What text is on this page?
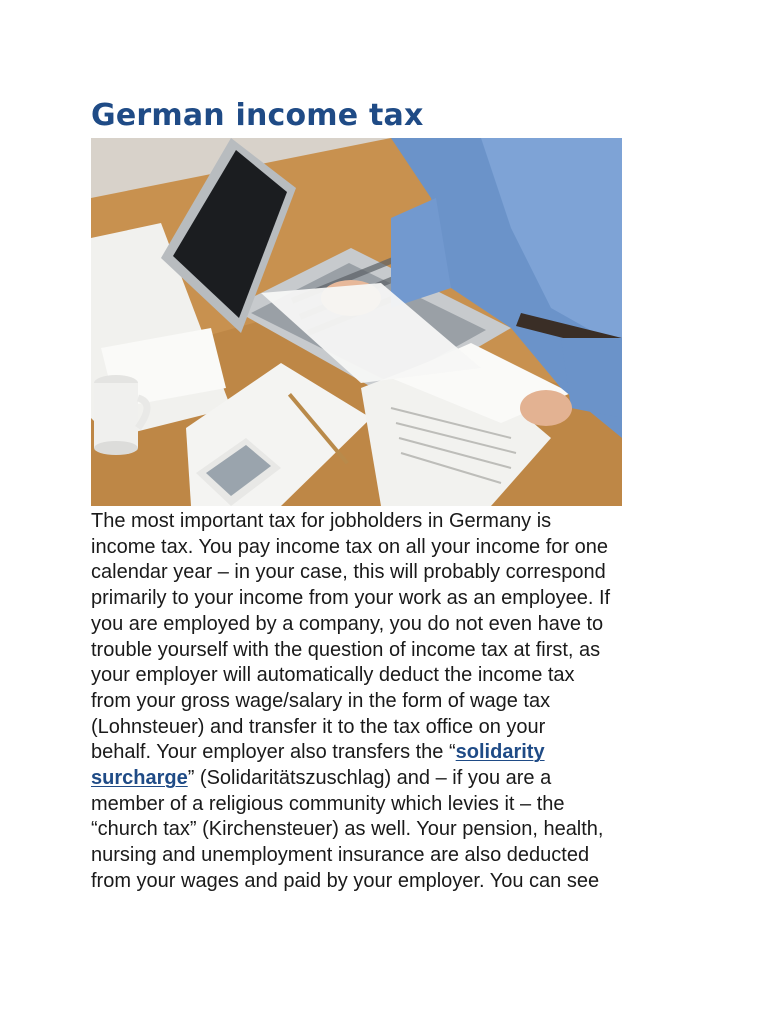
German income tax

The most important tax for jobholders in Germany is
income tax. You pay income tax on all your income for one
calendar year – in your case, this will probably correspond
primarily to your income from your work as an employee. If
you are employed by a company, you do not even have to
trouble yourself with the question of income tax at first, as
your employer will automatically deduct the income tax
from your gross wage/salary in the form of wage tax
(Lohnsteuer) and transfer it to the tax office on your
behalf. Your employer also transfers the “solidarity
surcharge” (Solidaritätszuschlag) and – if you are a
member of a religious community which levies it – the
“church tax” (Kirchensteuer) as well. Your pension, health,
nursing and unemployment insurance are also deducted
from your wages and paid by your employer. You can see
